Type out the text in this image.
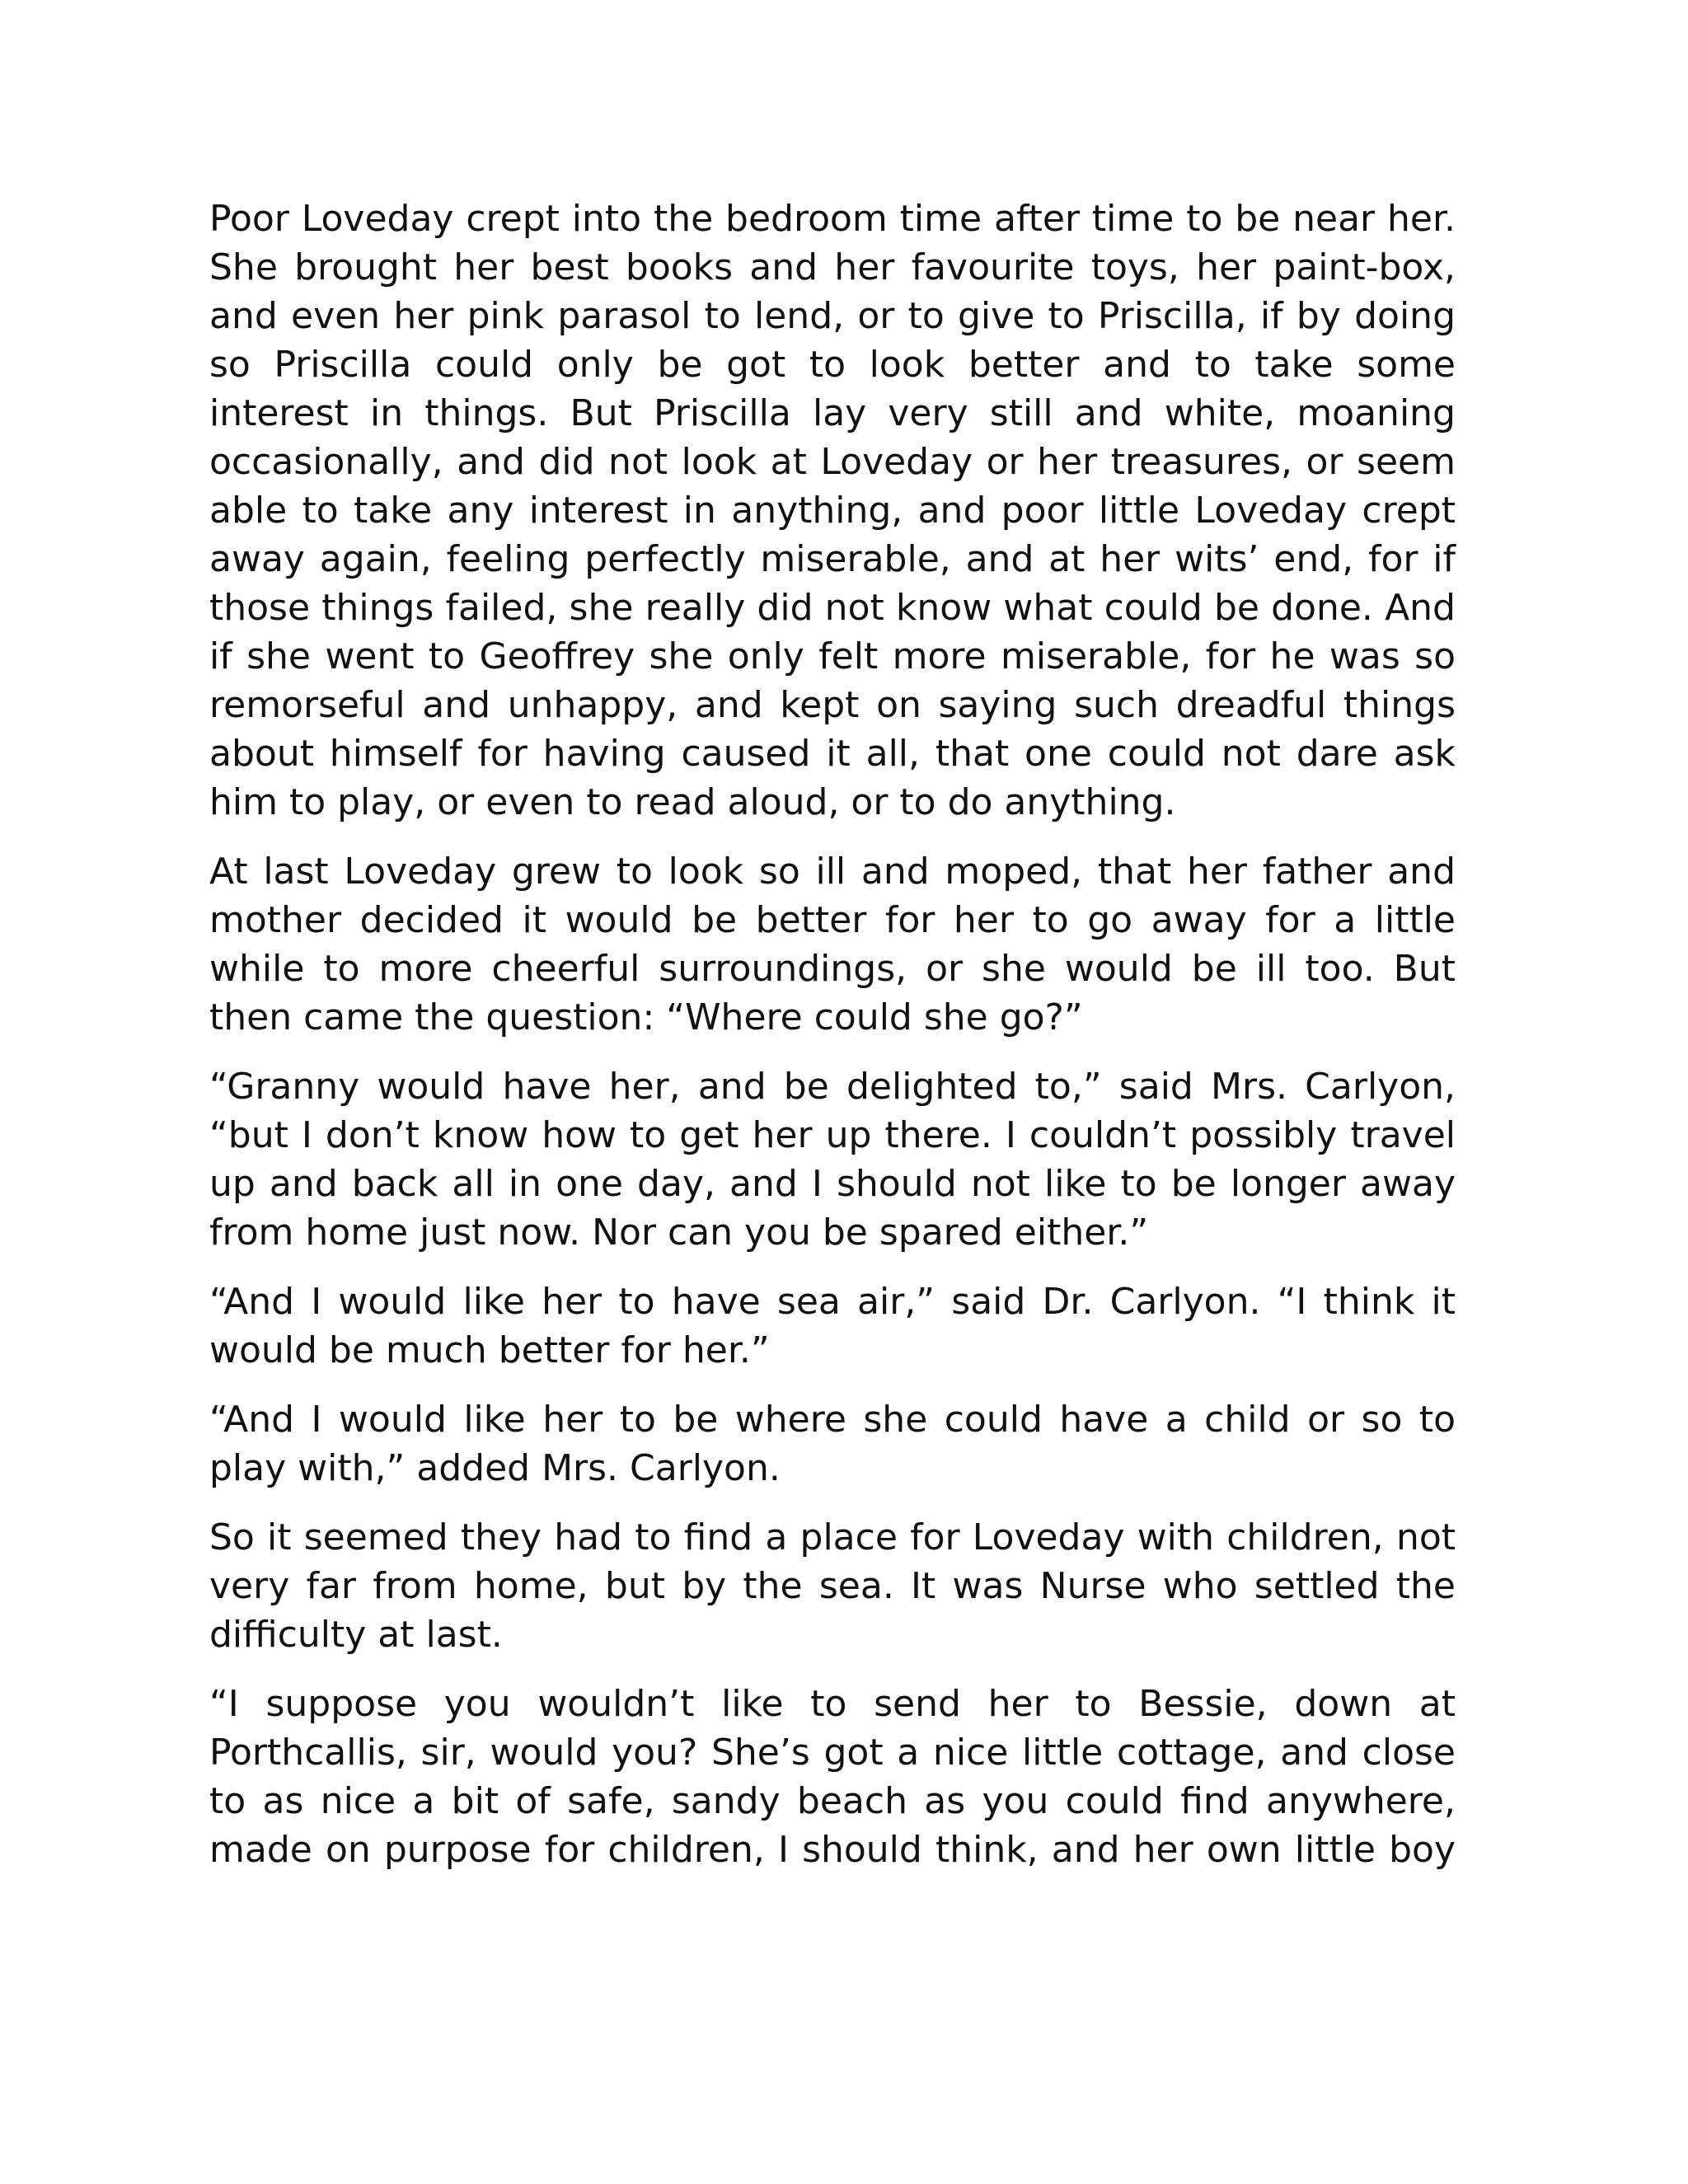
Poor Loveday crept into the bedroom time after time to be near her. She brought her best books and her favourite toys, her paint-box, and even her pink parasol to lend, or to give to Priscilla, if by doing so Priscilla could only be got to look better and to take some interest in things. But Priscilla lay very still and white, moaning occasionally, and did not look at Loveday or her treasures, or seem able to take any interest in anything, and poor little Loveday crept away again, feeling perfectly miserable, and at her wits’ end, for if those things failed, she really did not know what could be done. And if she went to Geoffrey she only felt more miserable, for he was so remorseful and unhappy, and kept on saying such dreadful things about himself for having caused it all, that one could not dare ask him to play, or even to read aloud, or to do anything.

At last Loveday grew to look so ill and moped, that her father and mother decided it would be better for her to go away for a little while to more cheerful surroundings, or she would be ill too. But then came the question: “Where could she go?”

“Granny would have her, and be delighted to,” said Mrs. Carlyon, “but I don’t know how to get her up there. I couldn’t possibly travel up and back all in one day, and I should not like to be longer away from home just now. Nor can you be spared either.”

“And I would like her to have sea air,” said Dr. Carlyon. “I think it would be much better for her.”

“And I would like her to be where she could have a child or so to play with,” added Mrs. Carlyon.

So it seemed they had to find a place for Loveday with children, not very far from home, but by the sea. It was Nurse who settled the difficulty at last.

“I suppose you wouldn’t like to send her to Bessie, down at Porthcallis, sir, would you? She’s got a nice little cottage, and close to as nice a bit of safe, sandy beach as you could find anywhere, made on purpose for children, I should think, and her own little boy
